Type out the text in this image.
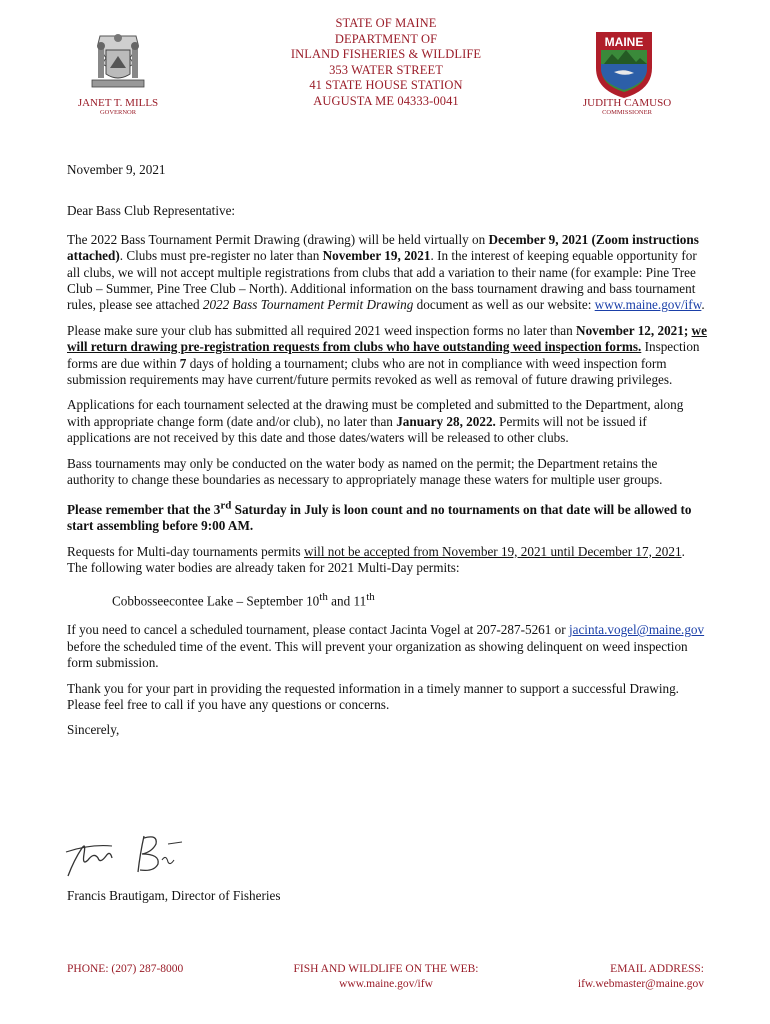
STATE OF MAINE
DEPARTMENT OF
INLAND FISHERIES & WILDLIFE
353 WATER STREET
41 STATE HOUSE STATION
AUGUSTA ME 04333-0041
JANET T. MILLS
GOVERNOR
MAINE
JUDITH CAMUSO
COMMISSIONER

November 9, 2021

Dear Bass Club Representative:

The 2022 Bass Tournament Permit Drawing (drawing) will be held virtually on December 9, 2021 (Zoom instructions attached). Clubs must pre-register no later than November 19, 2021. In the interest of keeping equable opportunity for all clubs, we will not accept multiple registrations from clubs that add a variation to their name (for example: Pine Tree Club – Summer, Pine Tree Club – North). Additional information on the bass tournament drawing and bass tournament rules, please see attached 2022 Bass Tournament Permit Drawing document as well as our website: www.maine.gov/ifw.

Please make sure your club has submitted all required 2021 weed inspection forms no later than November 12, 2021; we will return drawing pre-registration requests from clubs who have outstanding weed inspection forms. Inspection forms are due within 7 days of holding a tournament; clubs who are not in compliance with weed inspection form submission requirements may have current/future permits revoked as well as removal of future drawing privileges.

Applications for each tournament selected at the drawing must be completed and submitted to the Department, along with appropriate change form (date and/or club), no later than January 28, 2022. Permits will not be issued if applications are not received by this date and those dates/waters will be released to other clubs.

Bass tournaments may only be conducted on the water body as named on the permit; the Department retains the authority to change these boundaries as necessary to appropriately manage these waters for multiple user groups.

Please remember that the 3rd Saturday in July is loon count and no tournaments on that date will be allowed to start assembling before 9:00 AM.

Requests for Multi-day tournaments permits will not be accepted from November 19, 2021 until December 17, 2021. The following water bodies are already taken for 2021 Multi-Day permits:

Cobbosseecontee Lake – September 10th and 11th

If you need to cancel a scheduled tournament, please contact Jacinta Vogel at 207-287-5261 or jacinta.vogel@maine.gov before the scheduled time of the event. This will prevent your organization as showing delinquent on weed inspection form submission.

Thank you for your part in providing the requested information in a timely manner to support a successful Drawing. Please feel free to call if you have any questions or concerns.

Sincerely,

Francis Brautigam, Director of Fisheries
PHONE: (207) 287-8000	FISH AND WILDLIFE ON THE WEB:
www.maine.gov/ifw
EMAIL ADDRESS:
ifw.webmaster@maine.gov
